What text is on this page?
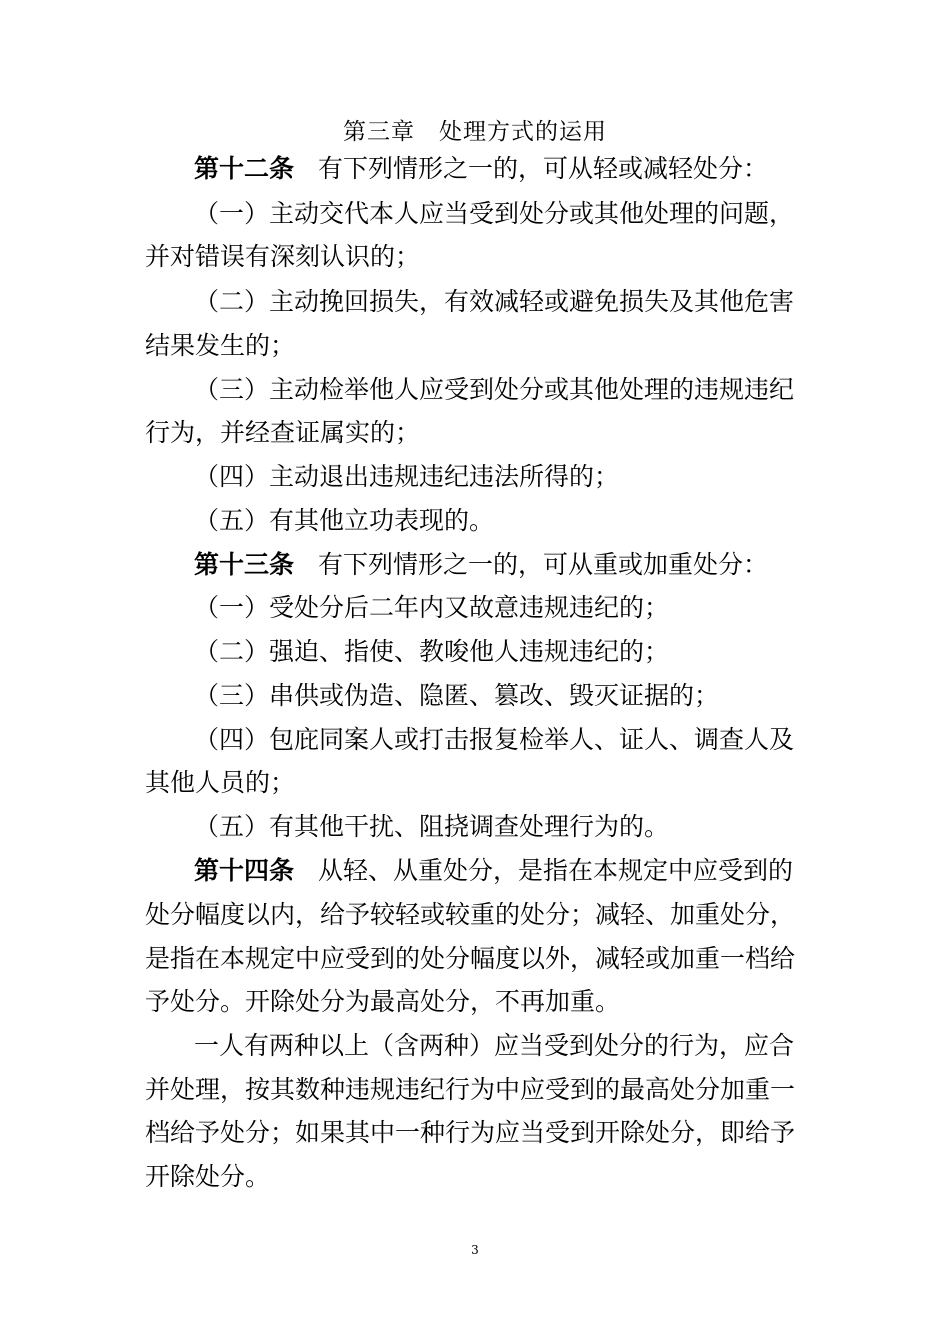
第三章　处理方式的运用
第十二条 有下列情形之一的，可从轻或减轻处分：
（一）主动交代本人应当受到处分或其他处理的问题，
并对错误有深刻认识的；
（二）主动挽回损失，有效减轻或避免损失及其他危害
结果发生的；
（三）主动检举他人应受到处分或其他处理的违规违纪
行为，并经查证属实的；
（四）主动退出违规违纪违法所得的；
（五）有其他立功表现的。
第十三条 有下列情形之一的，可从重或加重处分：
（一）受处分后二年内又故意违规违纪的；
（二）强迫、指使、教唆他人违规违纪的；
（三）串供或伪造、隐匿、篡改、毁灭证据的；
（四）包庇同案人或打击报复检举人、证人、调查人及
其他人员的；
（五）有其他干扰、阻挠调查处理行为的。
第十四条 从轻、从重处分，是指在本规定中应受到的
处分幅度以内，给予较轻或较重的处分；减轻、加重处分，
是指在本规定中应受到的处分幅度以外，减轻或加重一档给
予处分。开除处分为最高处分，不再加重。
一人有两种以上（含两种）应当受到处分的行为，应合
并处理，按其数种违规违纪行为中应受到的最高处分加重一
档给予处分；如果其中一种行为应当受到开除处分，即给予
开除处分。
3
